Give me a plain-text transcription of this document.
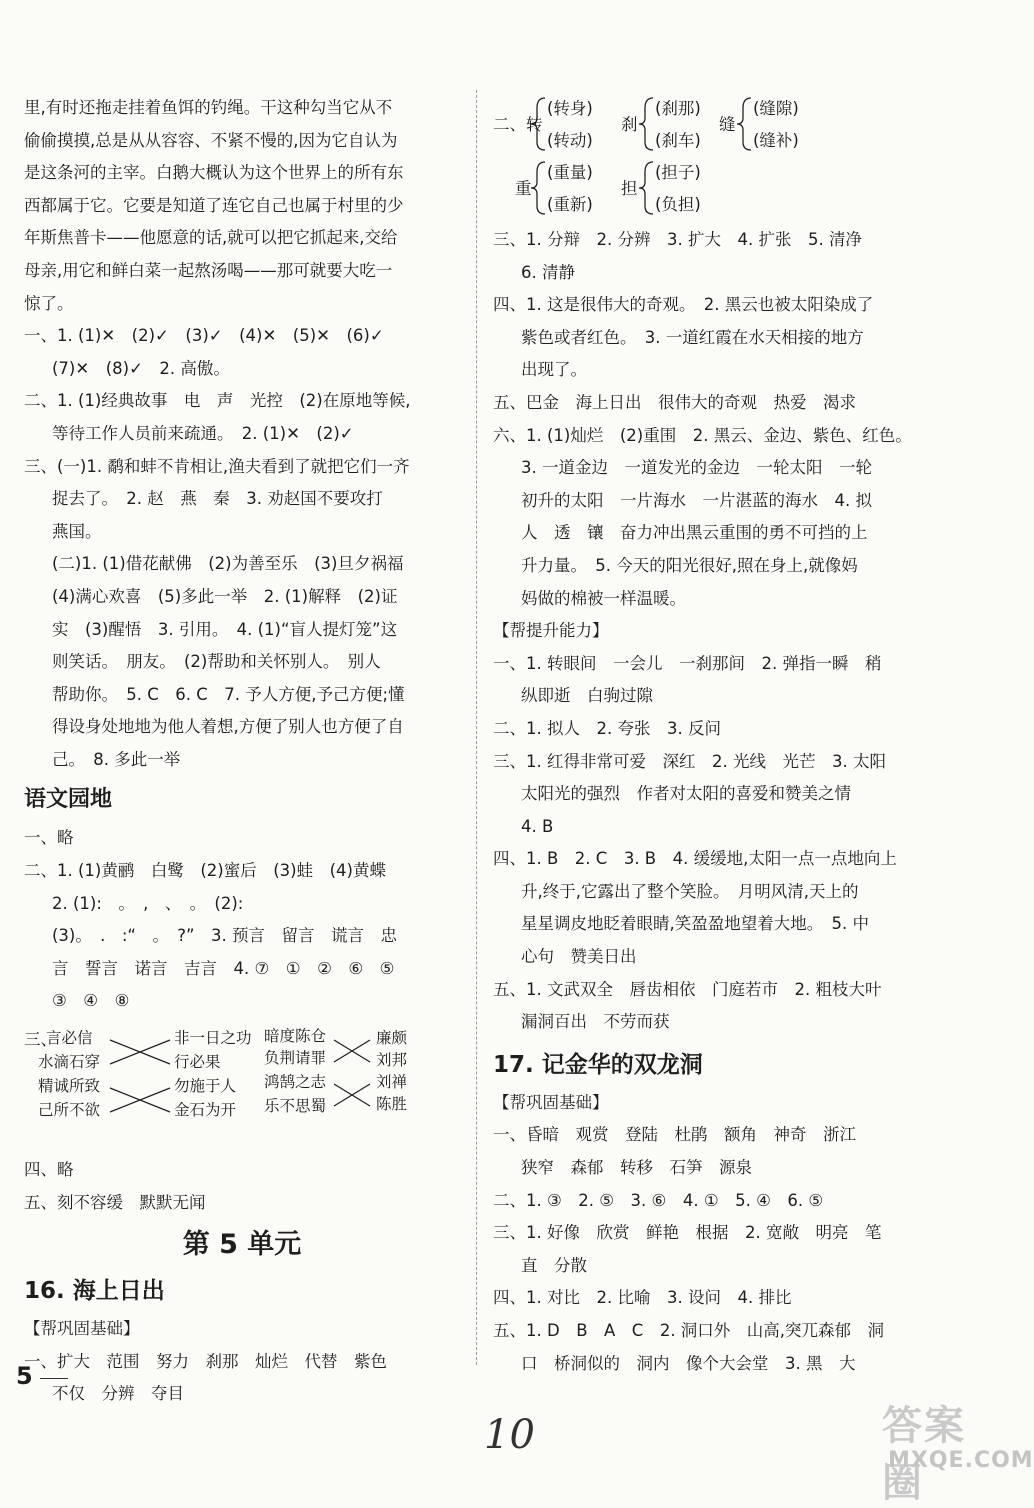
里,有时还拖走挂着鱼饵的钓绳。干这种勾当它从不
偷偷摸摸,总是从从容容、不紧不慢的,因为它自认为
是这条河的主宰。白鹅大概认为这个世界上的所有东
西都属于它。它要是知道了连它自己也属于村里的少
年斯焦普卡——他愿意的话,就可以把它抓起来,交给
母亲,用它和鲜白菜一起熬汤喝——那可就要大吃一
惊了。
一、1. (1)✕　(2)✓　(3)✓　(4)✕　(5)✕　(6)✓
(7)✕　(8)✓　2. 高傲。
二、1. (1)经典故事　电　声　光控　(2)在原地等候,
等待工作人员前来疏通。　2. (1)✕　(2)✓
三、(一)1. 鹬和蚌不肯相让,渔夫看到了就把它们一齐
捉去了。　2. 赵　燕　秦　3. 劝赵国不要攻打
燕国。
(二)1. (1)借花献佛　(2)为善至乐　(3)旦夕祸福
(4)满心欢喜　(5)多此一举　2. (1)解释　(2)证
实　(3)醒悟　3. 引用。　4. (1)“盲人提灯笼”这
则笑话。　朋友。　(2)帮助和关怀别人。　别人
帮助你。　5. C　6. C　7. 予人方便,予己方便;懂
得设身处地地为他人着想,方便了别人也方便了自
己。　8. 多此一举
语文园地
一、略
二、1. (1)黄鹂　白鹭　(2)蜜后　(3)蛙　(4)黄蝶
2. (1):　。　,　、　。　(2):
(3)。　.　:“　。　?”　3. 预言　留言　谎言　忠
言　誓言　诺言　吉言　4. ⑦　①　②　⑥　⑤
③　④　⑧
三、
言必信
水滴石穿
精诚所致
己所不欲
非一日之功
行必果
勿施于人
金石为开
暗度陈仓
负荆请罪
鸿鹄之志
乐不思蜀
廉颇
刘邦
刘禅
陈胜
四、略
五、刻不容缓　默默无闻
第 5 单元
16. 海上日出
【帮巩固基础】
一、扩大　范围　努力　刹那　灿烂　代替　紫色
不仅　分辨　夺目
二、转
(转身)
(转动)
刹
(刹那)
(刹车)
缝
(缝隙)
(缝补)
重
(重量)
(重新)
担
(担子)
(负担)
三、1. 分辩　2. 分辨　3. 扩大　4. 扩张　5. 清净
6. 清静
四、1. 这是很伟大的奇观。　2. 黑云也被太阳染成了
紫色或者红色。　3. 一道红霞在水天相接的地方
出现了。
五、巴金　海上日出　很伟大的奇观　热爱　渴求
六、1. (1)灿烂　(2)重围　2. 黑云、金边、紫色、红色。
3. 一道金边　一道发光的金边　一轮太阳　一轮
初升的太阳　一片海水　一片湛蓝的海水　4. 拟
人　透　镶　奋力冲出黑云重围的勇不可挡的上
升力量。　5. 今天的阳光很好,照在身上,就像妈
妈做的棉被一样温暖。
【帮提升能力】
一、1. 转眼间　一会儿　一刹那间　2. 弹指一瞬　稍
纵即逝　白驹过隙
二、1. 拟人　2. 夸张　3. 反问
三、1. 红得非常可爱　深红　2. 光线　光芒　3. 太阳
太阳光的强烈　作者对太阳的喜爱和赞美之情
4. B
四、1. B　2. C　3. B　4. 缓缓地,太阳一点一点地向上
升,终于,它露出了整个笑脸。　月明风清,天上的
星星调皮地眨着眼睛,笑盈盈地望着大地。　5. 中
心句　赞美日出
五、1. 文武双全　唇齿相依　门庭若市　2. 粗枝大叶
漏洞百出　不劳而获
17. 记金华的双龙洞
【帮巩固基础】
一、昏暗　观赏　登陆　杜鹃　额角　神奇　浙江
狭窄　森郁　转移　石笋　源泉
二、1. ③　2. ⑤　3. ⑥　4. ①　5. ④　6. ⑤
三、1. 好像　欣赏　鲜艳　根据　2. 宽敞　明亮　笔
直　分散
四、1. 对比　2. 比喻　3. 设问　4. 排比
五、1. D　B　A　C　2. 洞口外　山高,突兀森郁　洞
口　桥洞似的　洞内　像个大会堂　3. 黑　大
5
10	答案圈
MXQE.COM
